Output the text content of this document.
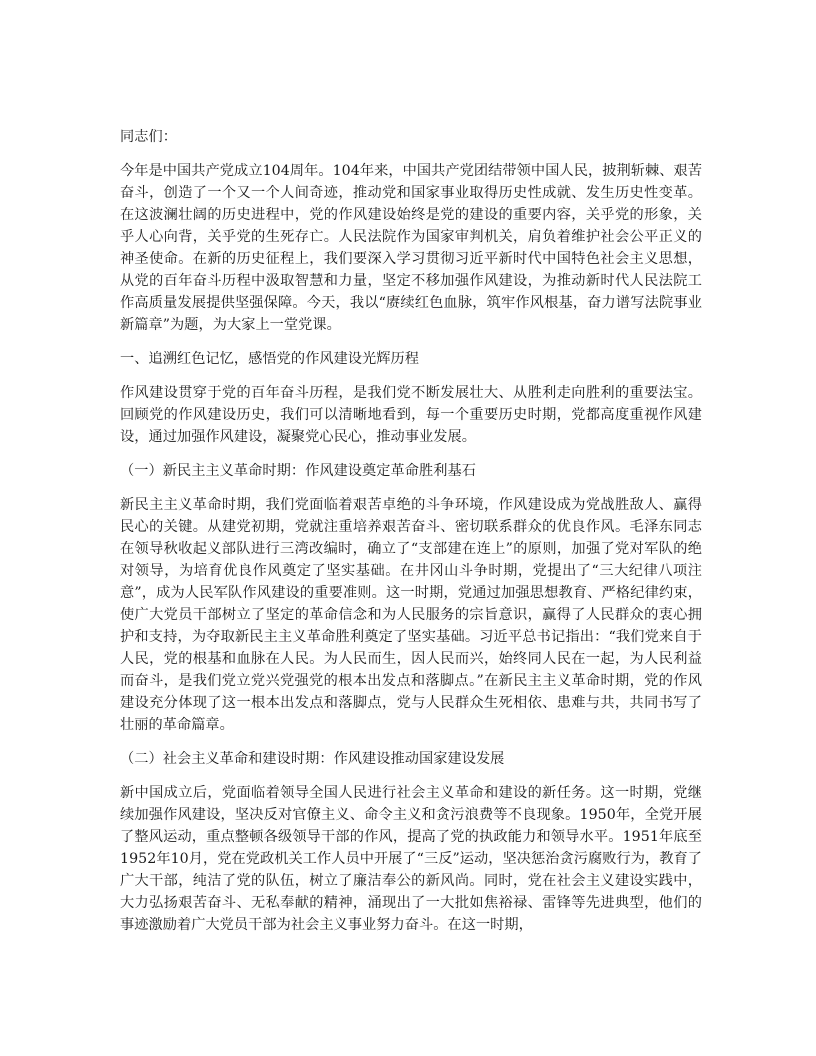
同志们：

今年是中国共产党成立104周年。104年来，中国共产党团结带领中国人民，披荆斩棘、艰苦奋斗，创造了一个又一个人间奇迹，推动党和国家事业取得历史性成就、发生历史性变革。在这波澜壮阔的历史进程中，党的作风建设始终是党的建设的重要内容，关乎党的形象，关乎人心向背，关乎党的生死存亡。人民法院作为国家审判机关，肩负着维护社会公平正义的神圣使命。在新的历史征程上，我们要深入学习贯彻习近平新时代中国特色社会主义思想，从党的百年奋斗历程中汲取智慧和力量，坚定不移加强作风建设，为推动新时代人民法院工作高质量发展提供坚强保障。今天，我以“赓续红色血脉，筑牢作风根基，奋力谱写法院事业新篇章”为题，为大家上一堂党课。

一、追溯红色记忆，感悟党的作风建设光辉历程

作风建设贯穿于党的百年奋斗历程，是我们党不断发展壮大、从胜利走向胜利的重要法宝。回顾党的作风建设历史，我们可以清晰地看到，每一个重要历史时期，党都高度重视作风建设，通过加强作风建设，凝聚党心民心，推动事业发展。

（一）新民主主义革命时期：作风建设奠定革命胜利基石

新民主主义革命时期，我们党面临着艰苦卓绝的斗争环境，作风建设成为党战胜敌人、赢得民心的关键。从建党初期，党就注重培养艰苦奋斗、密切联系群众的优良作风。毛泽东同志在领导秋收起义部队进行三湾改编时，确立了“支部建在连上”的原则，加强了党对军队的绝对领导，为培育优良作风奠定了坚实基础。在井冈山斗争时期，党提出了“三大纪律八项注意”，成为人民军队作风建设的重要准则。这一时期，党通过加强思想教育、严格纪律约束，使广大党员干部树立了坚定的革命信念和为人民服务的宗旨意识，赢得了人民群众的衷心拥护和支持，为夺取新民主主义革命胜利奠定了坚实基础。习近平总书记指出：“我们党来自于人民，党的根基和血脉在人民。为人民而生，因人民而兴，始终同人民在一起，为人民利益而奋斗，是我们党立党兴党强党的根本出发点和落脚点。”在新民主主义革命时期，党的作风建设充分体现了这一根本出发点和落脚点，党与人民群众生死相依、患难与共，共同书写了壮丽的革命篇章。

（二）社会主义革命和建设时期：作风建设推动国家建设发展

新中国成立后，党面临着领导全国人民进行社会主义革命和建设的新任务。这一时期，党继续加强作风建设，坚决反对官僚主义、命令主义和贪污浪费等不良现象。1950年，全党开展了整风运动，重点整顿各级领导干部的作风，提高了党的执政能力和领导水平。1951年底至1952年10月，党在党政机关工作人员中开展了“三反”运动，坚决惩治贪污腐败行为，教育了广大干部，纯洁了党的队伍，树立了廉洁奉公的新风尚。同时，党在社会主义建设实践中，大力弘扬艰苦奋斗、无私奉献的精神，涌现出了一大批如焦裕禄、雷锋等先进典型，他们的事迹激励着广大党员干部为社会主义事业努力奋斗。在这一时期，
